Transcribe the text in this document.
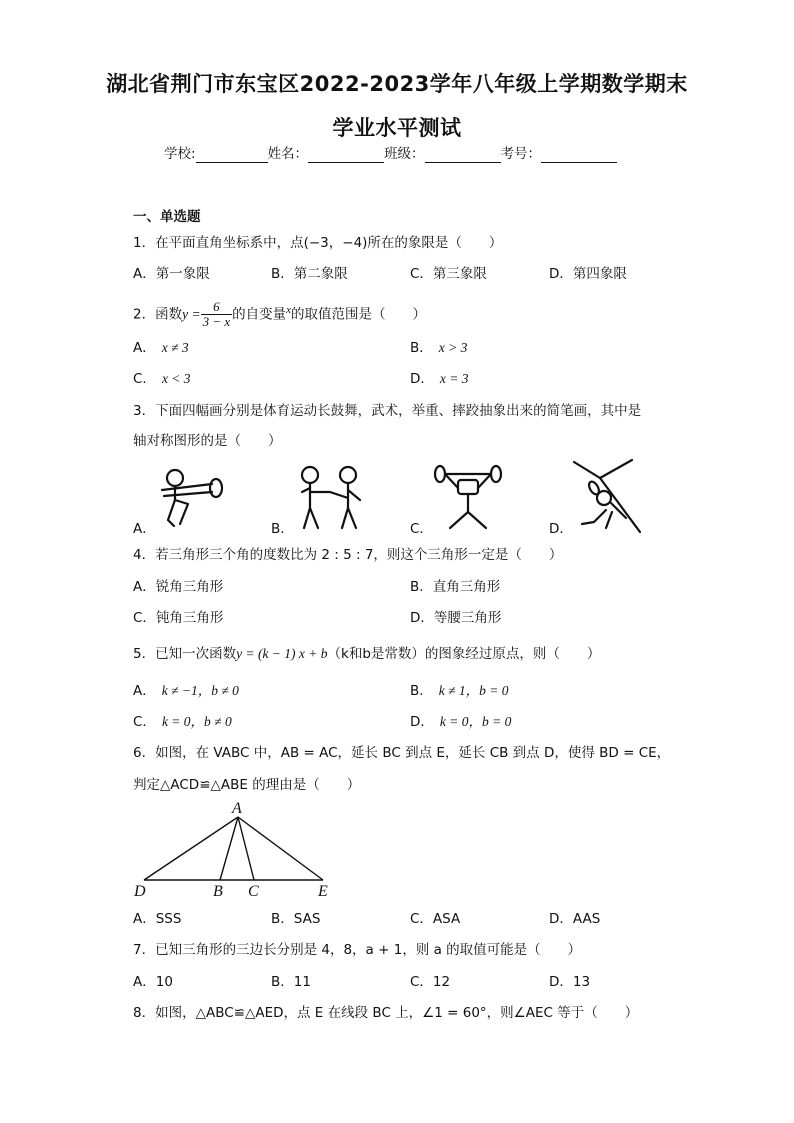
湖北省荆门市东宝区2022-2023学年八年级上学期数学期末
学业水平测试
学校:	姓名：	班级：	考号：
一、单选题
1．在平面直角坐标系中，点(−3，−4)所在的象限是（　　）
A．第一象限	B．第二象限	C．第三象限	D．第四象限
2．函数$y = \frac{6}{3 - x}$ 的自变量$^x$的取值范围是（　　）
A． x ≠ 3	B． x > 3
C． x < 3	D． x = 3
3．下面四幅画分别是体育运动长鼓舞，武术，举重、摔跤抽象出来的简笔画，其中是
轴对称图形的是（　　）
A．	B．	C．	D．
4．若三角形三个角的度数比为 2 : 5 : 7，则这个三角形一定是（　　）
A．锐角三角形	B．直角三角形
C．钝角三角形	D．等腰三角形
5．已知一次函数y = (k − 1) x + b（k和b是常数）的图象经过原点，则（　　）
A． k ≠ −1，b ≠ 0	B． k ≠ 1，b = 0
C． k = 0，b ≠ 0	D． k = 0，b = 0
6．如图，在 VABC 中，AB = AC，延长 BC 到点 E，延长 CB 到点 D，使得 BD = CE，
判定△ACD≌△ABE 的理由是（　　）
A
D	B C	E
A．SSS	B．SAS	C．ASA	D．AAS
7．已知三角形的三边长分别是 4，8，a + 1，则 a 的取值可能是（　　）
A．10	B．11	C．12	D．13
8．如图，△ABC≌△AED，点 E 在线段 BC 上，∠1 = 60°，则∠AEC 等于（　　）
